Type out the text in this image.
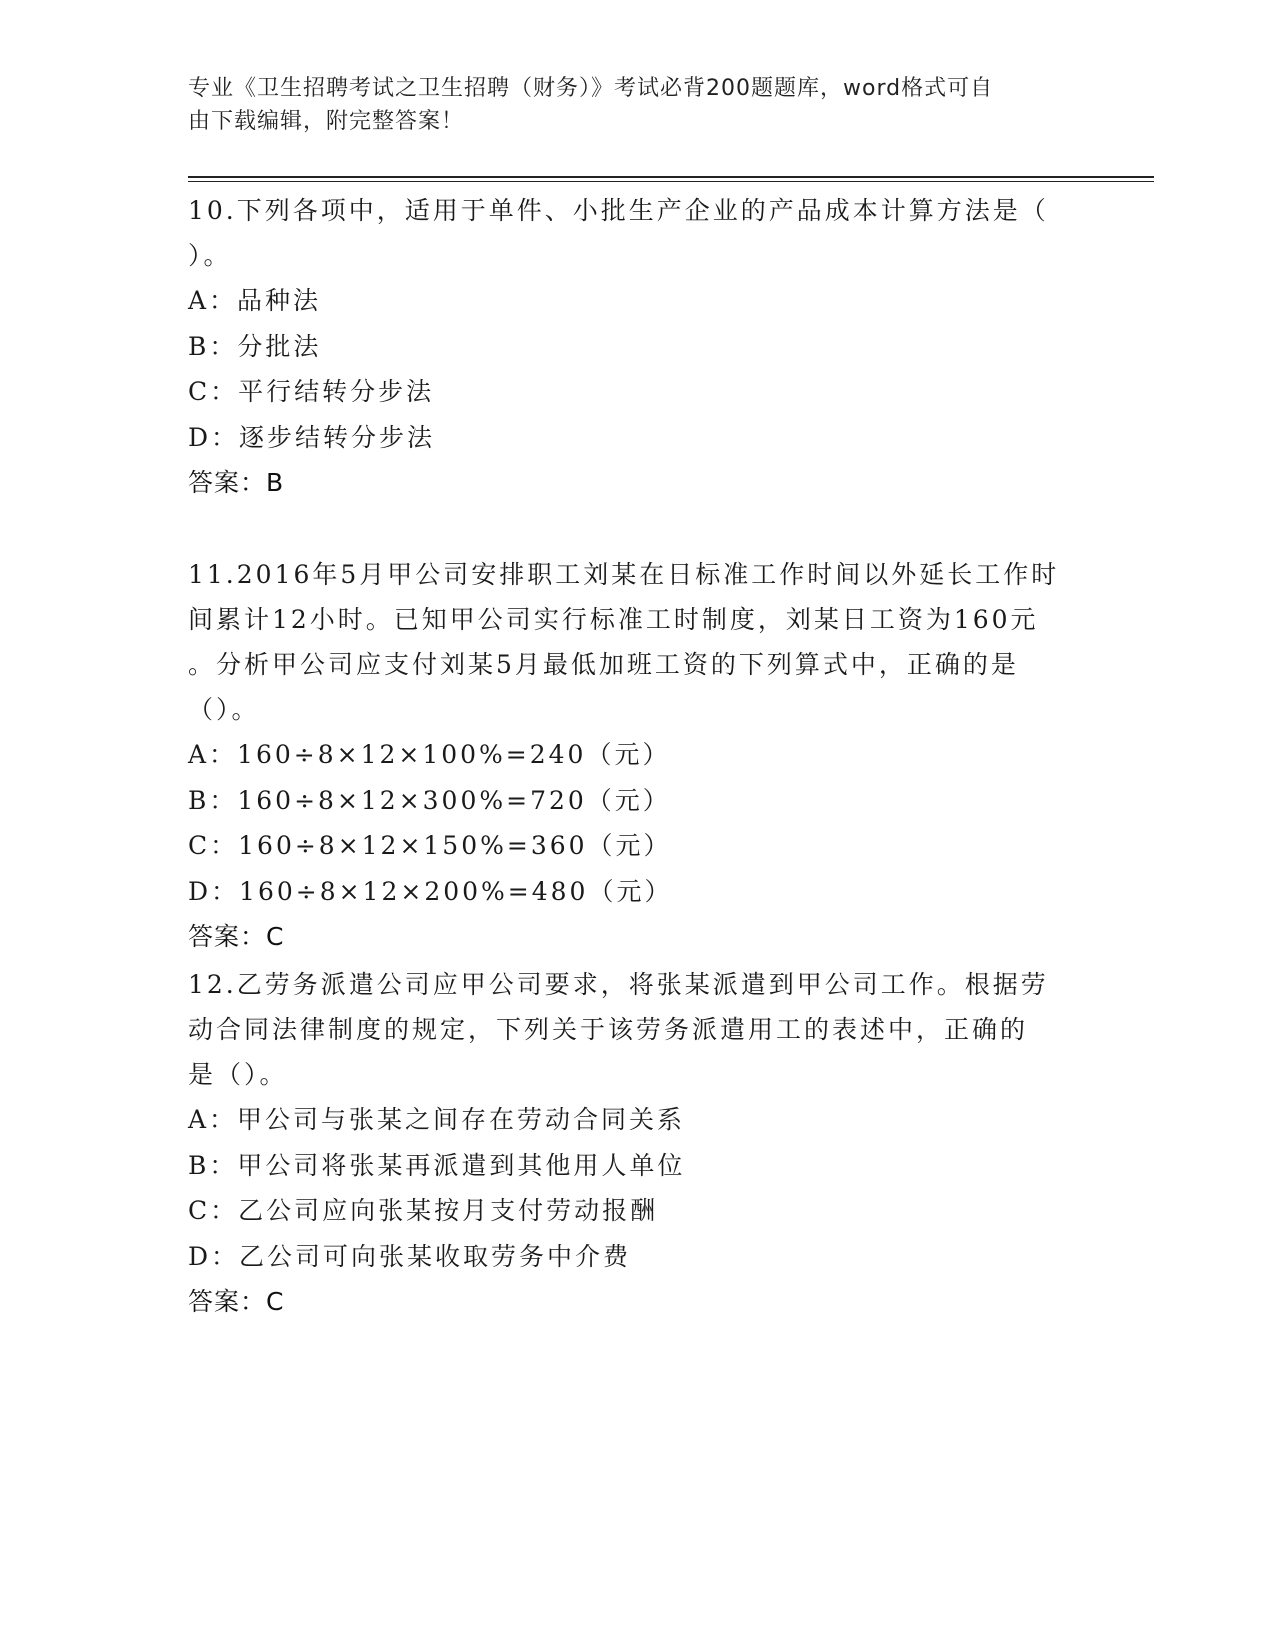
专业《卫生招聘考试之卫生招聘（财务）》考试必背200题题库，word格式可自
由下载编辑，附完整答案！

10.下列各项中，适用于单件、小批生产企业的产品成本计算方法是（

）。

A：品种法

B：分批法

C：平行结转分步法

D：逐步结转分步法

答案：B

11.2016年5月甲公司安排职工刘某在日标准工作时间以外延长工作时

间累计12小时。已知甲公司实行标准工时制度，刘某日工资为160元

。分析甲公司应支付刘某5月最低加班工资的下列算式中，正确的是

（）。

A：160÷8×12×100%=240（元）

B：160÷8×12×300%=720（元）

C：160÷8×12×150%=360（元）

D：160÷8×12×200%=480（元）

答案：C

12.乙劳务派遣公司应甲公司要求，将张某派遣到甲公司工作。根据劳

动合同法律制度的规定，下列关于该劳务派遣用工的表述中，正确的

是（）。

A：甲公司与张某之间存在劳动合同关系

B：甲公司将张某再派遣到其他用人单位

C：乙公司应向张某按月支付劳动报酬

D：乙公司可向张某收取劳务中介费

答案：C
